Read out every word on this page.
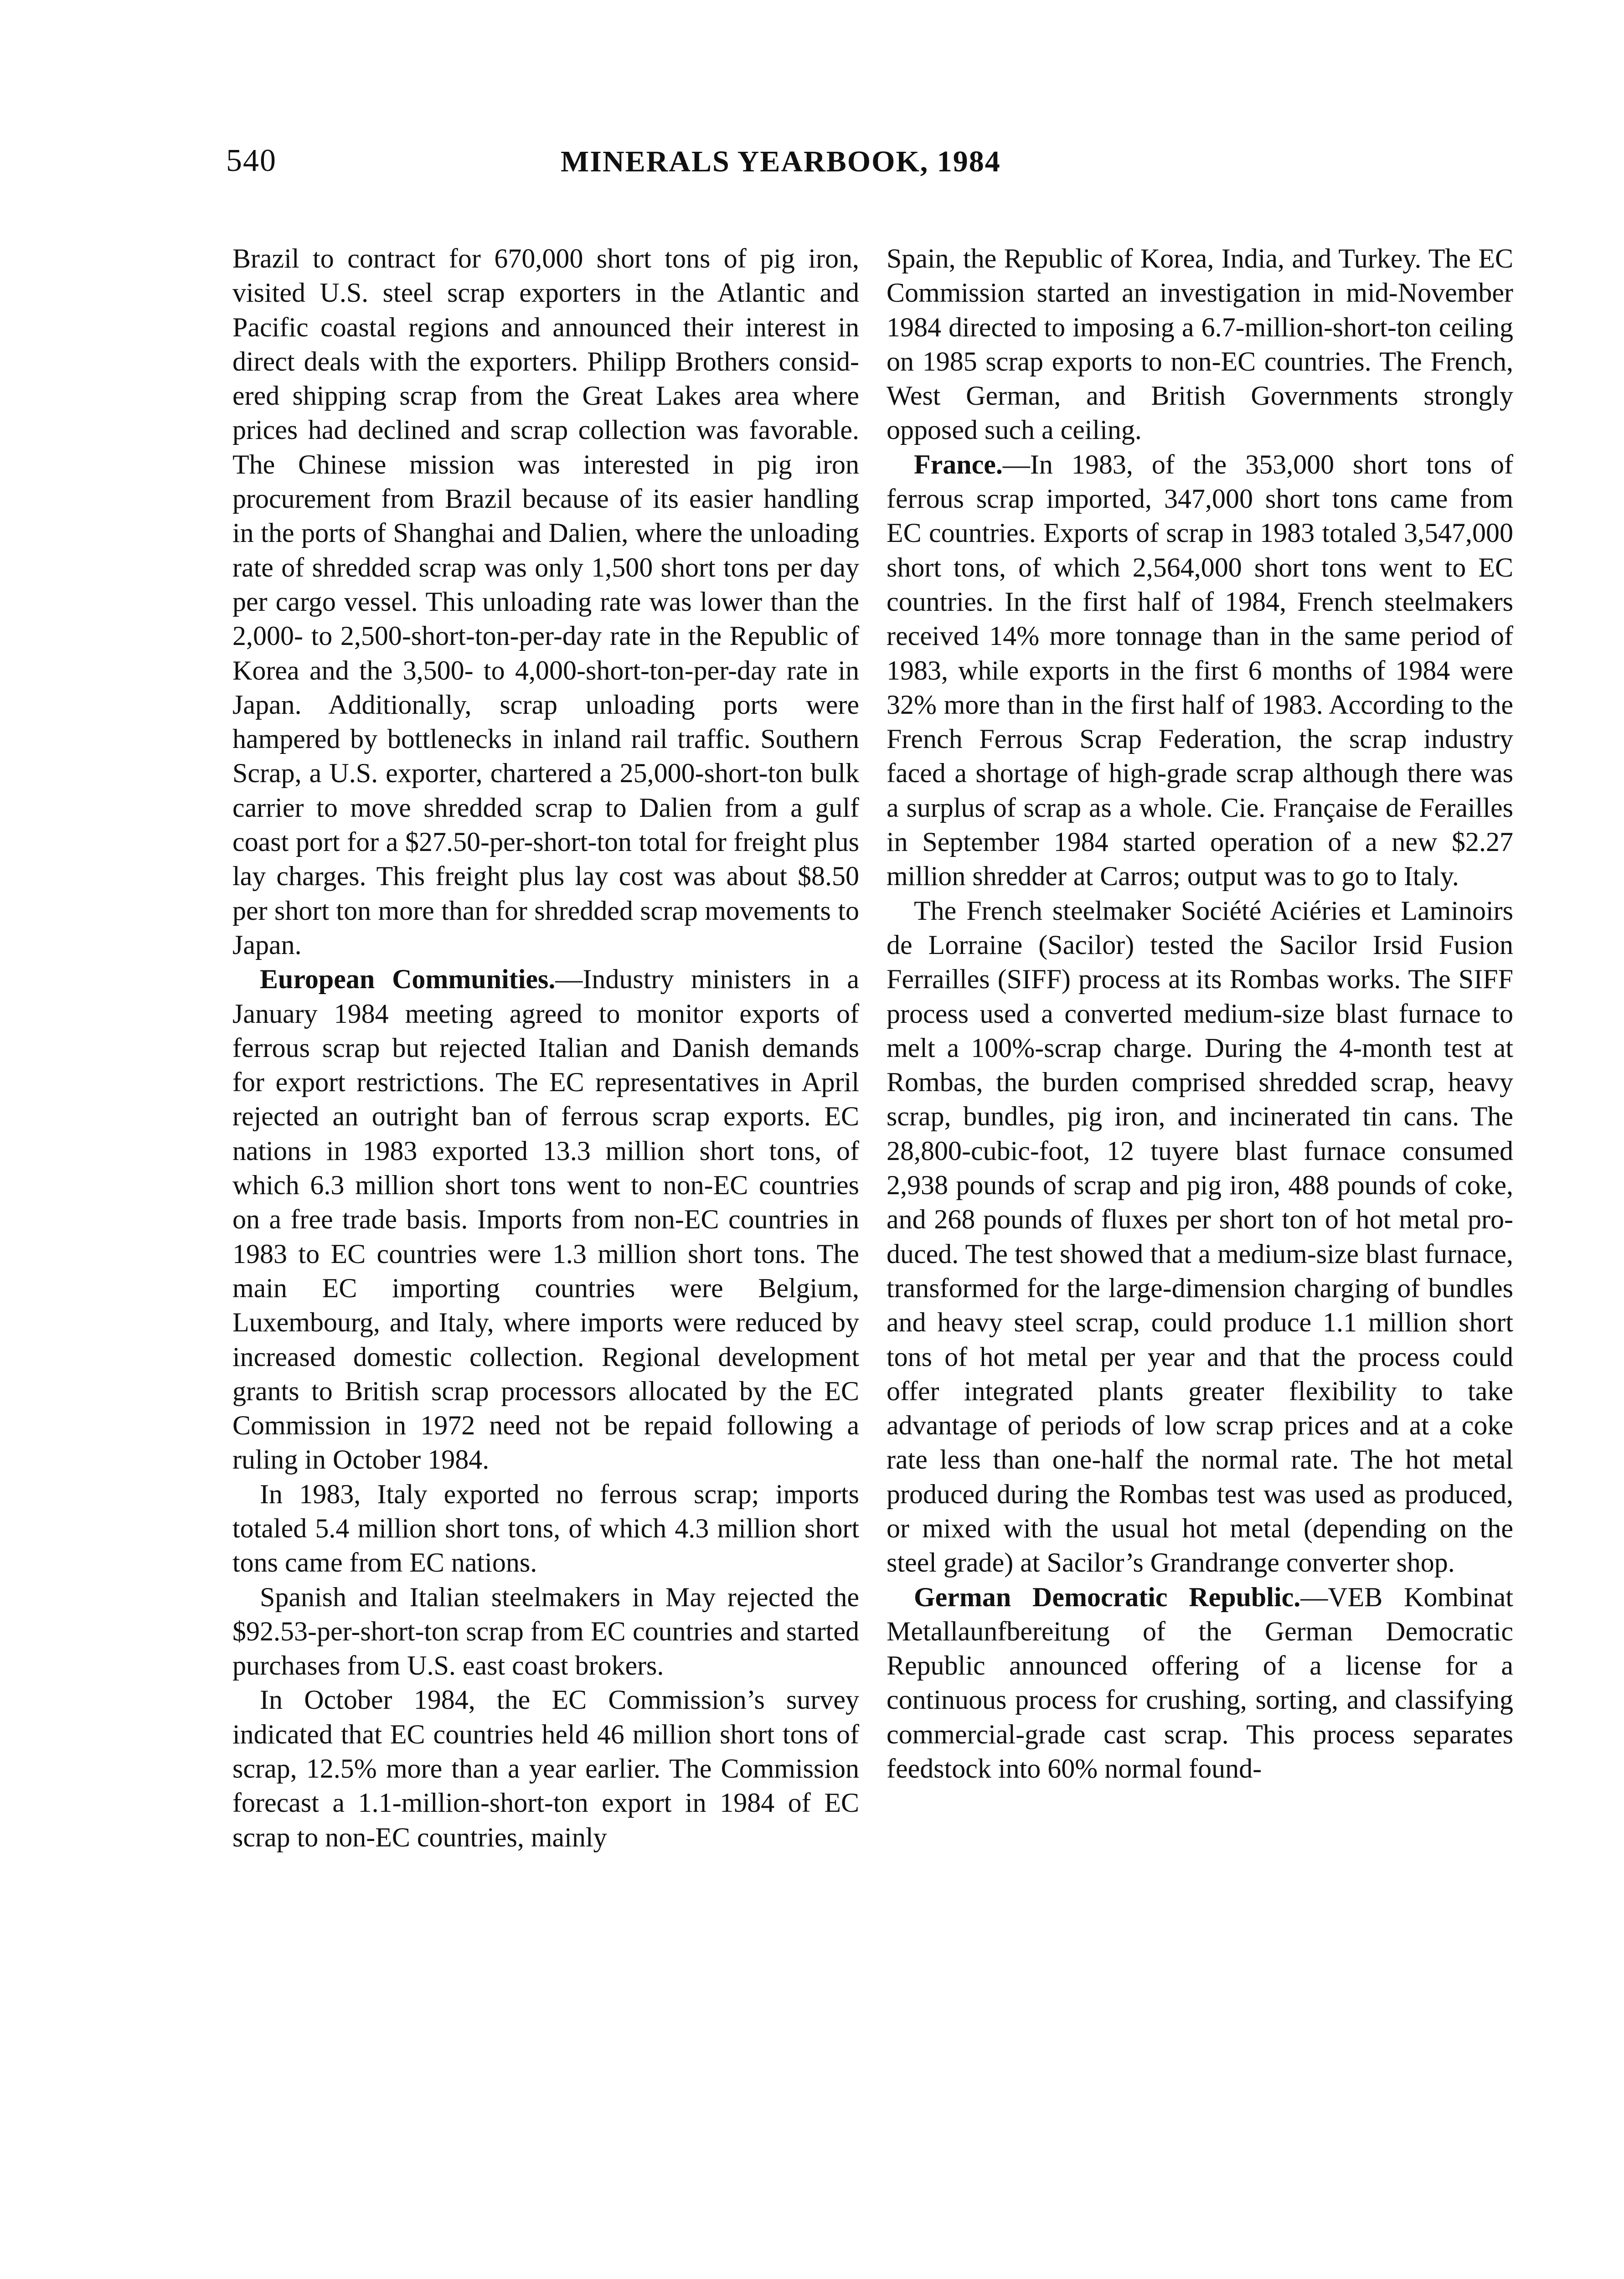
540	MINERALS YEARBOOK, 1984

Brazil to contract for 670,000 short tons of pig iron, visited U.S. steel scrap exporters in the Atlantic and Pacific coastal regions and announced their interest in direct deals with the exporters. Philipp Brothers considered shipping scrap from the Great Lakes area where prices had declined and scrap collection was favorable. The Chinese mission was interested in pig iron procurement from Brazil because of its easier handling in the ports of Shanghai and Dalien, where the unloading rate of shredded scrap was only 1,500 short tons per day per cargo vessel. This unloading rate was lower than the 2,000- to 2,500-short-ton-per-day rate in the Republic of Korea and the 3,500- to 4,000-short-ton-per-day rate in Japan. Additionally, scrap unloading ports were hampered by bottlenecks in inland rail traffic. Southern Scrap, a U.S. exporter, chartered a 25,000-short-ton bulk carrier to move shredded scrap to Dalien from a gulf coast port for a $27.50-per-short-ton total for freight plus lay charges. This freight plus lay cost was about $8.50 per short ton more than for shredded scrap movements to Japan.

European Communities.—Industry ministers in a January 1984 meeting agreed to monitor exports of ferrous scrap but rejected Italian and Danish demands for export restrictions. The EC representatives in April rejected an outright ban of ferrous scrap exports. EC nations in 1983 exported 13.3 million short tons, of which 6.3 million short tons went to non-EC countries on a free trade basis. Imports from non-EC countries in 1983 to EC countries were 1.3 million short tons. The main EC importing countries were Belgium, Luxembourg, and Italy, where imports were reduced by increased domestic collection. Regional development grants to British scrap processors allocated by the EC Commission in 1972 need not be repaid following a ruling in October 1984.

In 1983, Italy exported no ferrous scrap; imports totaled 5.4 million short tons, of which 4.3 million short tons came from EC nations.

Spanish and Italian steelmakers in May rejected the $92.53-per-short-ton scrap from EC countries and started purchases from U.S. east coast brokers.

In October 1984, the EC Commission’s survey indicated that EC countries held 46 million short tons of scrap, 12.5% more than a year earlier. The Commission forecast a 1.1-million-short-ton export in 1984 of EC scrap to non-EC countries, mainly

Spain, the Republic of Korea, India, and Turkey. The EC Commission started an investigation in mid-November 1984 directed to imposing a 6.7-million-short-ton ceiling on 1985 scrap exports to non-EC countries. The French, West German, and British Governments strongly opposed such a ceiling.

France.—In 1983, of the 353,000 short tons of ferrous scrap imported, 347,000 short tons came from EC countries. Exports of scrap in 1983 totaled 3,547,000 short tons, of which 2,564,000 short tons went to EC countries. In the first half of 1984, French steelmakers received 14% more tonnage than in the same period of 1983, while exports in the first 6 months of 1984 were 32% more than in the first half of 1983. According to the French Ferrous Scrap Federation, the scrap industry faced a shortage of high-grade scrap although there was a surplus of scrap as a whole. Cie. Française de Ferailles in September 1984 started operation of a new $2.27 million shredder at Carros; output was to go to Italy.

The French steelmaker Société Aciéries et Laminoirs de Lorraine (Sacilor) tested the Sacilor Irsid Fusion Ferrailles (SIFF) process at its Rombas works. The SIFF process used a converted medium-size blast furnace to melt a 100%-scrap charge. During the 4-month test at Rombas, the burden comprised shredded scrap, heavy scrap, bundles, pig iron, and incinerated tin cans. The 28,800-cubic-foot, 12 tuyere blast furnace consumed 2,938 pounds of scrap and pig iron, 488 pounds of coke, and 268 pounds of fluxes per short ton of hot metal produced. The test showed that a medium-size blast furnace, transformed for the large-dimension charging of bundles and heavy steel scrap, could produce 1.1 million short tons of hot metal per year and that the process could offer integrated plants greater flexibility to take advantage of periods of low scrap prices and at a coke rate less than one-half the normal rate. The hot metal produced during the Rombas test was used as produced, or mixed with the usual hot metal (depending on the steel grade) at Sacilor’s Grandrange converter shop.

German Democratic Republic.—VEB Kombinat Metallaunfbereitung of the German Democratic Republic announced offering of a license for a continuous process for crushing, sorting, and classifying commercial-grade cast scrap. This process separates feedstock into 60% normal found-
